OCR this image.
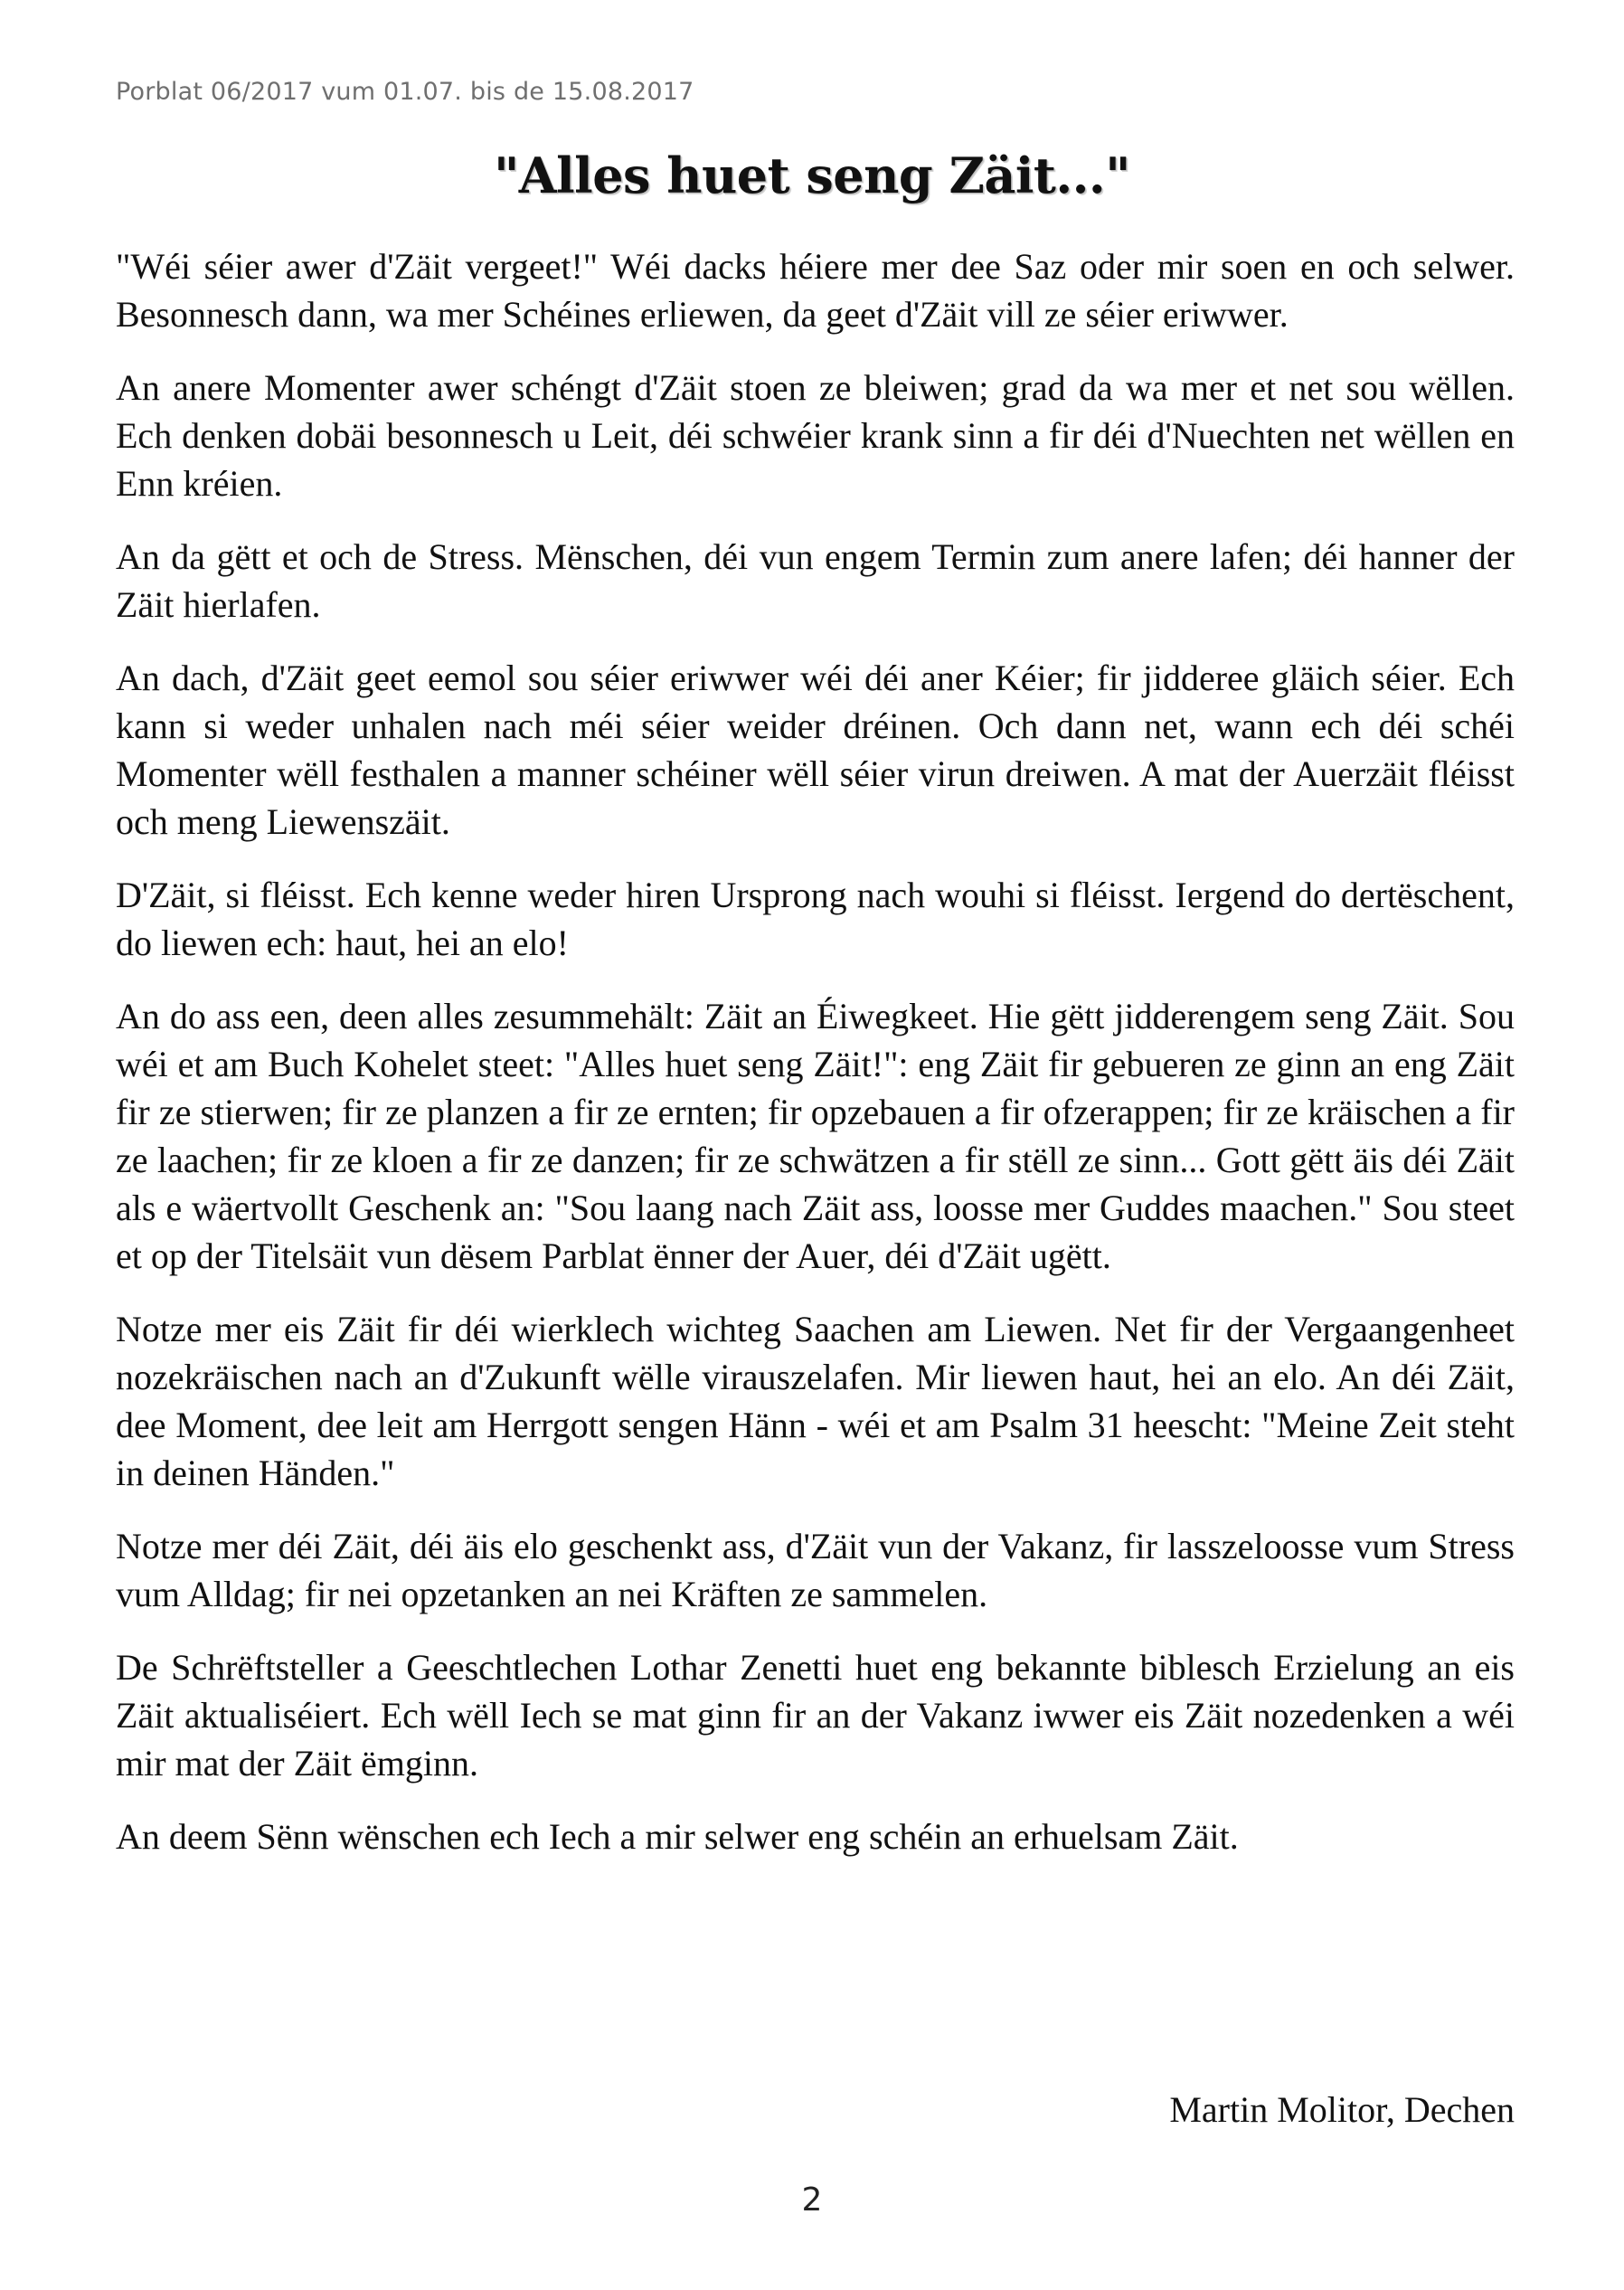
Porblat 06/2017 vum 01.07. bis de 15.08.2017
"Alles huet seng Zäit..."

"Wéi séier awer d'Zäit vergeet!" Wéi dacks héiere mer dee Saz oder mir soen en och selwer. Besonnesch dann, wa mer Schéines erliewen, da geet d'Zäit vill ze séier eriwwer.

An anere Momenter awer schéngt d'Zäit stoen ze bleiwen; grad da wa mer et net sou wëllen. Ech denken dobäi besonnesch u Leit, déi schwéier krank sinn a fir déi d'Nuechten net wëllen en Enn kréien.

An da gëtt et och de Stress. Mënschen, déi vun engem Termin zum anere lafen; déi hanner der Zäit hierlafen.

An dach, d'Zäit geet eemol sou séier eriwwer wéi déi aner Kéier; fir jidderee gläich séier. Ech kann si weder unhalen nach méi séier weider dréinen. Och dann net, wann ech déi schéi Momenter wëll festhalen a manner schéiner wëll séier virun dreiwen. A mat der Auerzäit fléisst och meng Liewenszäit.

D'Zäit, si fléisst. Ech kenne weder hiren Ursprong nach wouhi si fléisst. Iergend do dertëschent, do liewen ech: haut, hei an elo!

An do ass een, deen alles zesummehält: Zäit an Éiwegkeet. Hie gëtt jidderengem seng Zäit. Sou wéi et am Buch Kohelet steet: "Alles huet seng Zäit!": eng Zäit fir gebueren ze ginn an eng Zäit fir ze stierwen; fir ze planzen a fir ze ernten; fir opzebauen a fir ofzerappen; fir ze kräischen a fir ze laachen; fir ze kloen a fir ze danzen; fir ze schwätzen a fir stëll ze sinn... Gott gëtt äis déi Zäit als e wäertvollt Geschenk an: "Sou laang nach Zäit ass, loosse mer Guddes maachen." Sou steet et op der Titelsäit vun dësem Parblat ënner der Auer, déi d'Zäit ugëtt.

Notze mer eis Zäit fir déi wierklech wichteg Saachen am Liewen. Net fir der Vergaangenheet nozekräischen nach an d'Zukunft wëlle virauszelafen. Mir liewen haut, hei an elo. An déi Zäit, dee Moment, dee leit am Herrgott sengen Hänn - wéi et am Psalm 31 heescht: "Meine Zeit steht in deinen Händen."

Notze mer déi Zäit, déi äis elo geschenkt ass, d'Zäit vun der Vakanz, fir lasszeloosse vum Stress vum Alldag; fir nei opzetanken an nei Kräften ze sammelen.

De Schrëftsteller a Geeschtlechen Lothar Zenetti huet eng bekannte biblesch Erzielung an eis Zäit aktualiséiert. Ech wëll Iech se mat ginn fir an der Vakanz iwwer eis Zäit nozedenken a wéi mir mat der Zäit ëmginn.

An deem Sënn wënschen ech Iech a mir selwer eng schéin an erhuelsam Zäit.

Martin Molitor, Dechen
2
